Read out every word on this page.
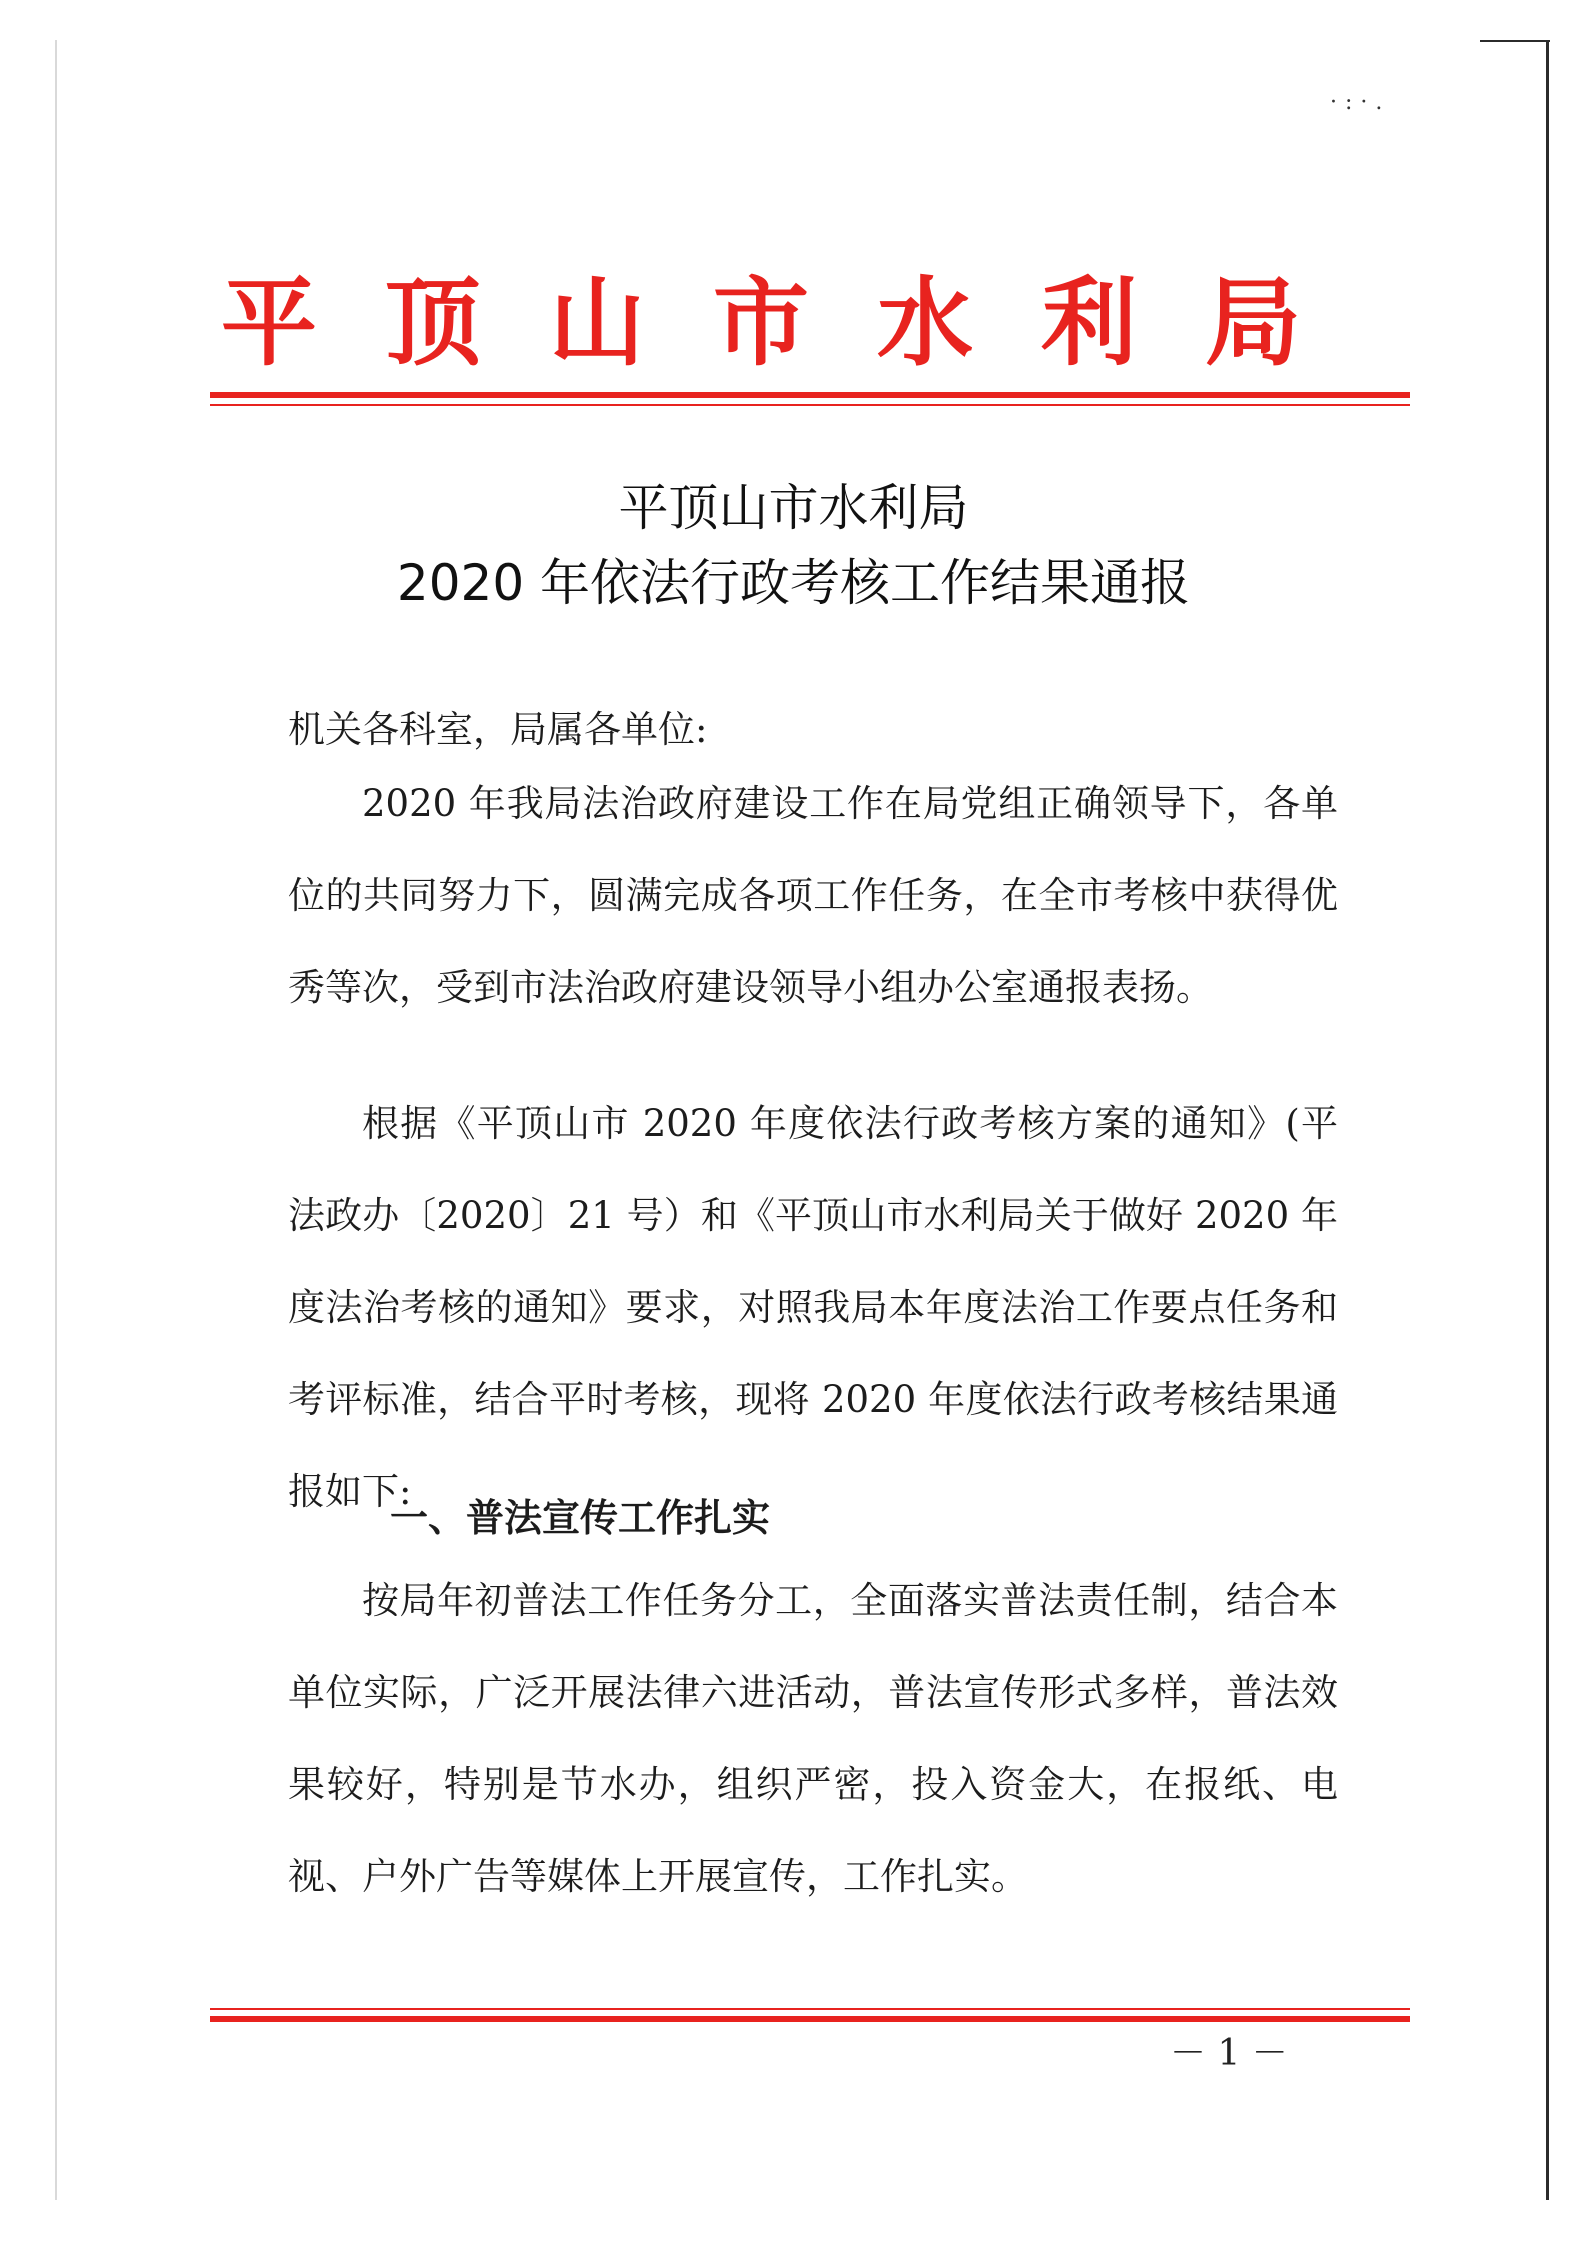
·:·.
平顶山市水利局
平顶山市水利局
2020 年依法行政考核工作结果通报
机关各科室，局属各单位:

2020 年我局法治政府建设工作在局党组正确领导下，各单位的共同努力下，圆满完成各项工作任务，在全市考核中获得优秀等次，受到市法治政府建设领导小组办公室通报表扬。

根据《平顶山市 2020 年度依法行政考核方案的通知》(平法政办〔2020〕21 号）和《平顶山市水利局关于做好 2020 年度法治考核的通知》要求，对照我局本年度法治工作要点任务和考评标准，结合平时考核，现将 2020 年度依法行政考核结果通报如下:

一、普法宣传工作扎实

按局年初普法工作任务分工，全面落实普法责任制，结合本单位实际，广泛开展法律六进活动，普法宣传形式多样，普法效果较好，特别是节水办，组织严密，投入资金大，在报纸、电视、户外广告等媒体上开展宣传，工作扎实。

－ 1 －
